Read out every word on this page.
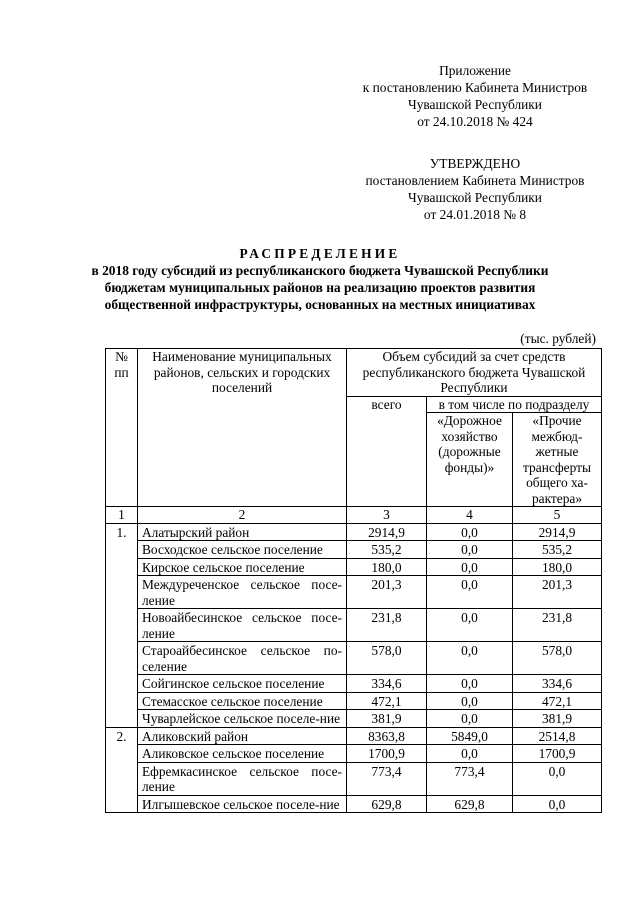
Приложение
к постановлению Кабинета Министров
Чувашской Республики
от 24.10.2018 № 424
УТВЕРЖДЕНО
постановлением Кабинета Министров
Чувашской Республики
от 24.01.2018 № 8
РАСПРЕДЕЛЕНИЕ
в 2018 году субсидий из республиканского бюджета Чувашской Республики
бюджетам муниципальных районов на реализацию проектов развития
общественной инфраструктуры, основанных на местных инициативах
(тыс. рублей)
№ пп	Наименование муниципальных районов, сельских и городских поселений	Объем субсидий за счет средств республиканского бюджета Чувашской Республики		
		всего	в том числе по подразделу	
			«Дорожное хозяйство (дорожные фонды)»	«Прочие межбюд-жетные трансферты общего ха-рактера»
1	2	3	4	5
1.	Алатырский район	2914,9	0,0	2914,9
	Восходское сельское поселение	535,2	0,0	535,2
	Кирское сельское поселение	180,0	0,0	180,0
	Междуреченское сельское посе-ление	201,3	0,0	201,3
	Новоайбесинское сельское посе-ление	231,8	0,0	231,8
	Староайбесинское сельское по-селение	578,0	0,0	578,0
	Сойгинское сельское поселение	334,6	0,0	334,6
	Стемасское сельское поселение	472,1	0,0	472,1
	Чуварлейское сельское поселе-ние	381,9	0,0	381,9
2.	Аликовский район	8363,8	5849,0	2514,8
	Аликовское сельское поселение	1700,9	0,0	1700,9
	Ефремкасинское сельское посе-ление	773,4	773,4	0,0
	Илгышевское сельское поселе-ние	629,8	629,8	0,0
